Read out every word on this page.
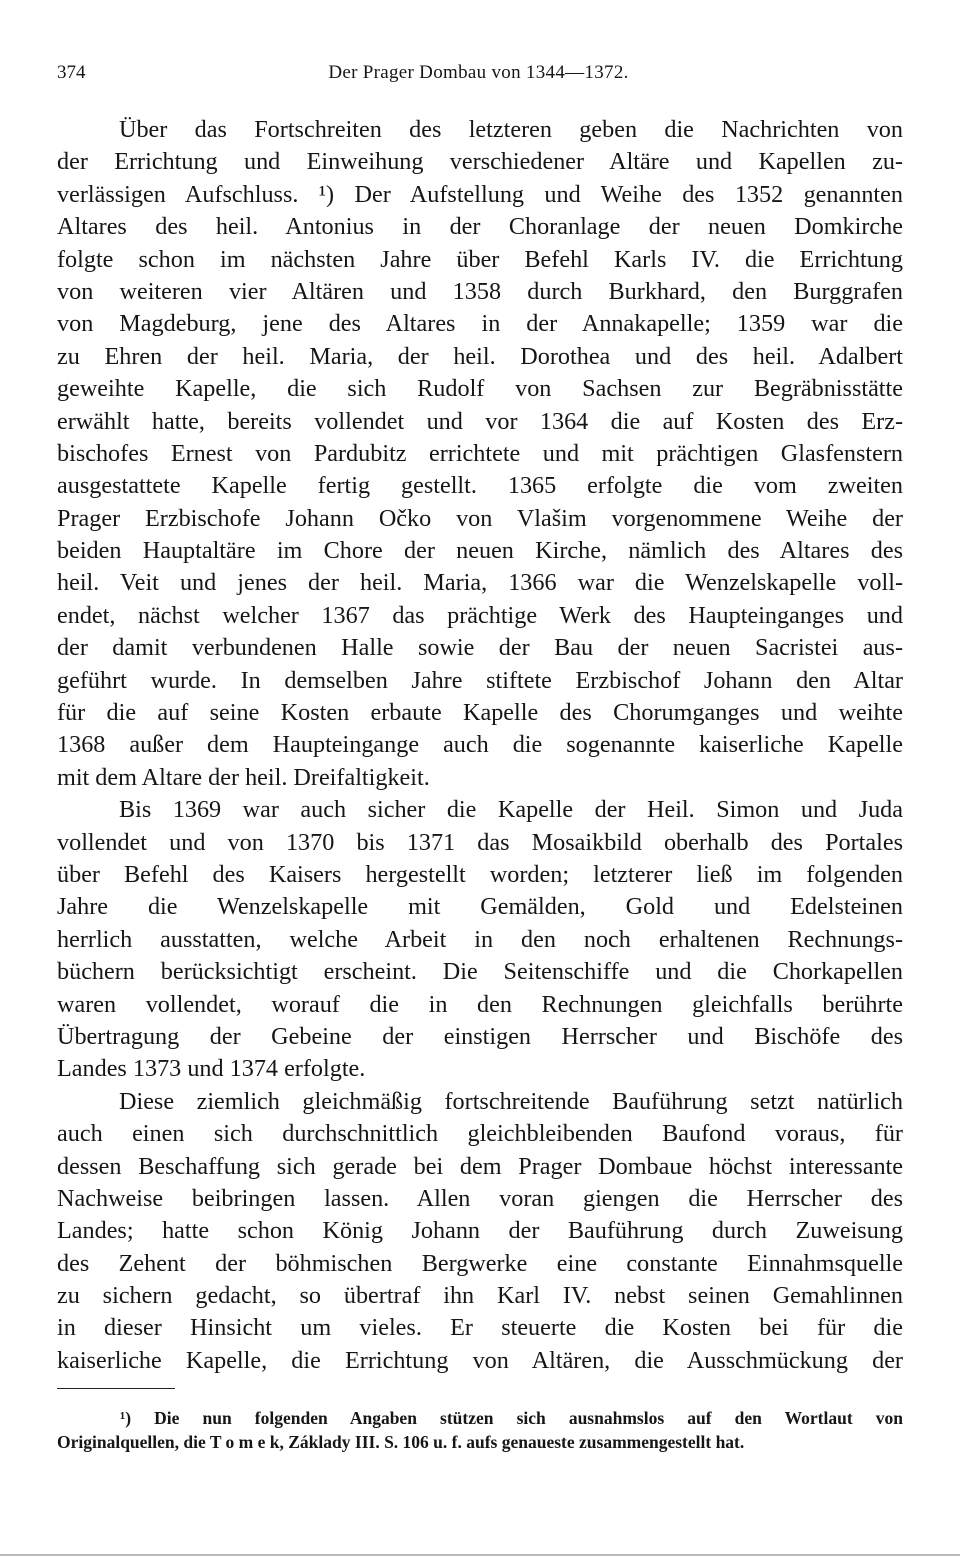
374	Der Prager Dombau von 1344—1372.
Über das Fortschreiten des letzteren geben die Nachrichten von
der Errichtung und Einweihung verschiedener Altäre und Kapellen zu-
verlässigen Aufschluss. ¹) Der Aufstellung und Weihe des 1352 genannten
Altares des heil. Antonius in der Choranlage der neuen Domkirche
folgte schon im nächsten Jahre über Befehl Karls IV. die Errichtung
von weiteren vier Altären und 1358 durch Burkhard, den Burggrafen
von Magdeburg, jene des Altares in der Annakapelle; 1359 war die
zu Ehren der heil. Maria, der heil. Dorothea und des heil. Adalbert
geweihte Kapelle, die sich Rudolf von Sachsen zur Begräbnisstätte
erwählt hatte, bereits vollendet und vor 1364 die auf Kosten des Erz-
bischofes Ernest von Pardubitz errichtete und mit prächtigen Glasfenstern
ausgestattete Kapelle fertig gestellt. 1365 erfolgte die vom zweiten
Prager Erzbischofe Johann Očko von Vlašim vorgenommene Weihe der
beiden Hauptaltäre im Chore der neuen Kirche, nämlich des Altares des
heil. Veit und jenes der heil. Maria, 1366 war die Wenzelskapelle voll-
endet, nächst welcher 1367 das prächtige Werk des Haupteinganges und
der damit verbundenen Halle sowie der Bau der neuen Sacristei aus-
geführt wurde. In demselben Jahre stiftete Erzbischof Johann den Altar
für die auf seine Kosten erbaute Kapelle des Chorumganges und weihte
1368 außer dem Haupteingange auch die sogenannte kaiserliche Kapelle
mit dem Altare der heil. Dreifaltigkeit.
Bis 1369 war auch sicher die Kapelle der Heil. Simon und Juda
vollendet und von 1370 bis 1371 das Mosaikbild oberhalb des Portales
über Befehl des Kaisers hergestellt worden; letzterer ließ im folgenden
Jahre die Wenzelskapelle mit Gemälden, Gold und Edelsteinen
herrlich ausstatten, welche Arbeit in den noch erhaltenen Rechnungs-
büchern berücksichtigt erscheint. Die Seitenschiffe und die Chorkapellen
waren vollendet, worauf die in den Rechnungen gleichfalls berührte
Übertragung der Gebeine der einstigen Herrscher und Bischöfe des
Landes 1373 und 1374 erfolgte.
Diese ziemlich gleichmäßig fortschreitende Bauführung setzt natürlich
auch einen sich durchschnittlich gleichbleibenden Baufond voraus, für
dessen Beschaffung sich gerade bei dem Prager Dombaue höchst interessante
Nachweise beibringen lassen. Allen voran giengen die Herrscher des
Landes; hatte schon König Johann der Bauführung durch Zuweisung
des Zehent der böhmischen Bergwerke eine constante Einnahmsquelle
zu sichern gedacht, so übertraf ihn Karl IV. nebst seinen Gemahlinnen
in dieser Hinsicht um vieles. Er steuerte die Kosten bei für die
kaiserliche Kapelle, die Errichtung von Altären, die Ausschmückung der
¹) Die nun folgenden Angaben stützen sich ausnahmslos auf den Wortlaut von
Originalquellen, die T o m e k, Základy III. S. 106 u. f. aufs genaueste zusammengestellt hat.
